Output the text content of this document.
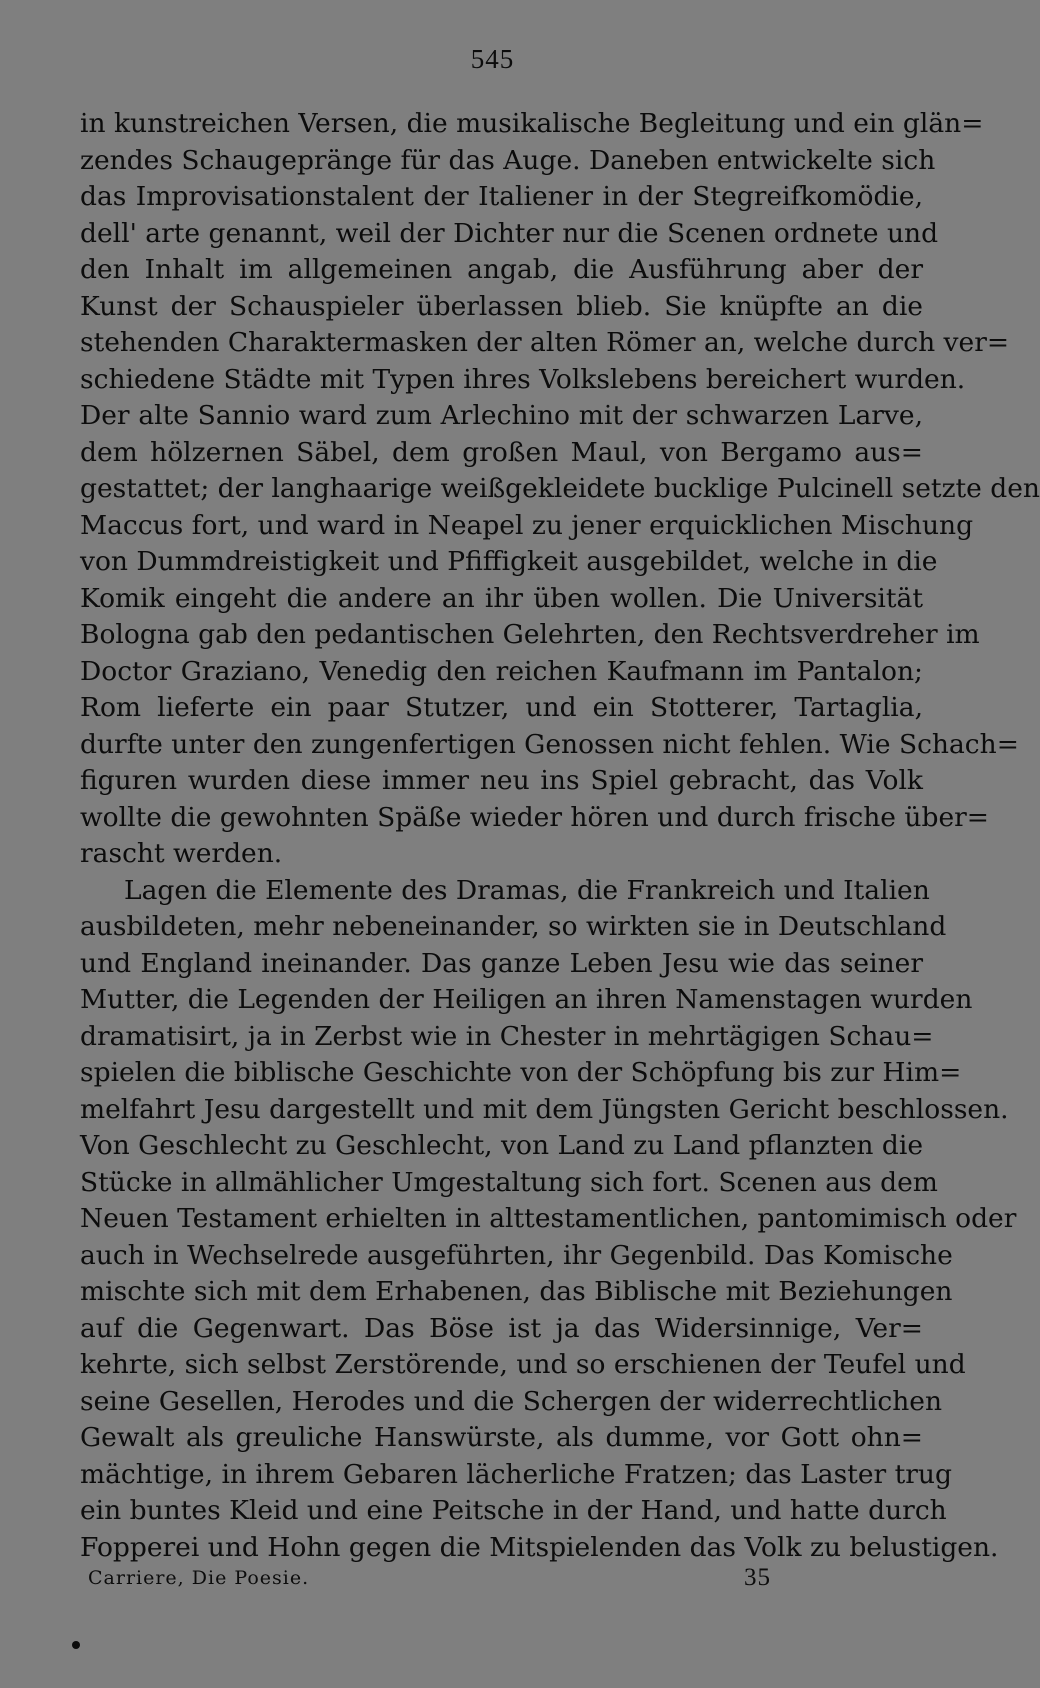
545
in kunstreichen Versen, die musikalische Begleitung und ein glän=
zendes Schaugepränge für das Auge. Daneben entwickelte sich
das Improvisationstalent der Italiener in der Stegreifkomödie,
dell' arte genannt, weil der Dichter nur die Scenen ordnete und
den Inhalt im allgemeinen angab, die Ausführung aber der
Kunst der Schauspieler überlassen blieb. Sie knüpfte an die
stehenden Charaktermasken der alten Römer an, welche durch ver=
schiedene Städte mit Typen ihres Volkslebens bereichert wurden.
Der alte Sannio ward zum Arlechino mit der schwarzen Larve,
dem hölzernen Säbel, dem großen Maul, von Bergamo aus=
gestattet; der langhaarige weißgekleidete bucklige Pulcinell setzte den
Maccus fort, und ward in Neapel zu jener erquicklichen Mischung
von Dummdreistigkeit und Pfiffigkeit ausgebildet, welche in die
Komik eingeht die andere an ihr üben wollen. Die Universität
Bologna gab den pedantischen Gelehrten, den Rechtsverdreher im
Doctor Graziano, Venedig den reichen Kaufmann im Pantalon;
Rom lieferte ein paar Stutzer, und ein Stotterer, Tartaglia,
durfte unter den zungenfertigen Genossen nicht fehlen. Wie Schach=
figuren wurden diese immer neu ins Spiel gebracht, das Volk
wollte die gewohnten Späße wieder hören und durch frische über=
rascht werden.
Lagen die Elemente des Dramas, die Frankreich und Italien
ausbildeten, mehr nebeneinander, so wirkten sie in Deutschland
und England ineinander. Das ganze Leben Jesu wie das seiner
Mutter, die Legenden der Heiligen an ihren Namenstagen wurden
dramatisirt, ja in Zerbst wie in Chester in mehrtägigen Schau=
spielen die biblische Geschichte von der Schöpfung bis zur Him=
melfahrt Jesu dargestellt und mit dem Jüngsten Gericht beschlossen.
Von Geschlecht zu Geschlecht, von Land zu Land pflanzten die
Stücke in allmählicher Umgestaltung sich fort. Scenen aus dem
Neuen Testament erhielten in alttestamentlichen, pantomimisch oder
auch in Wechselrede ausgeführten, ihr Gegenbild. Das Komische
mischte sich mit dem Erhabenen, das Biblische mit Beziehungen
auf die Gegenwart. Das Böse ist ja das Widersinnige, Ver=
kehrte, sich selbst Zerstörende, und so erschienen der Teufel und
seine Gesellen, Herodes und die Schergen der widerrechtlichen
Gewalt als greuliche Hanswürste, als dumme, vor Gott ohn=
mächtige, in ihrem Gebaren lächerliche Fratzen; das Laster trug
ein buntes Kleid und eine Peitsche in der Hand, und hatte durch
Fopperei und Hohn gegen die Mitspielenden das Volk zu belustigen.
Carriere, Die Poesie.	35
